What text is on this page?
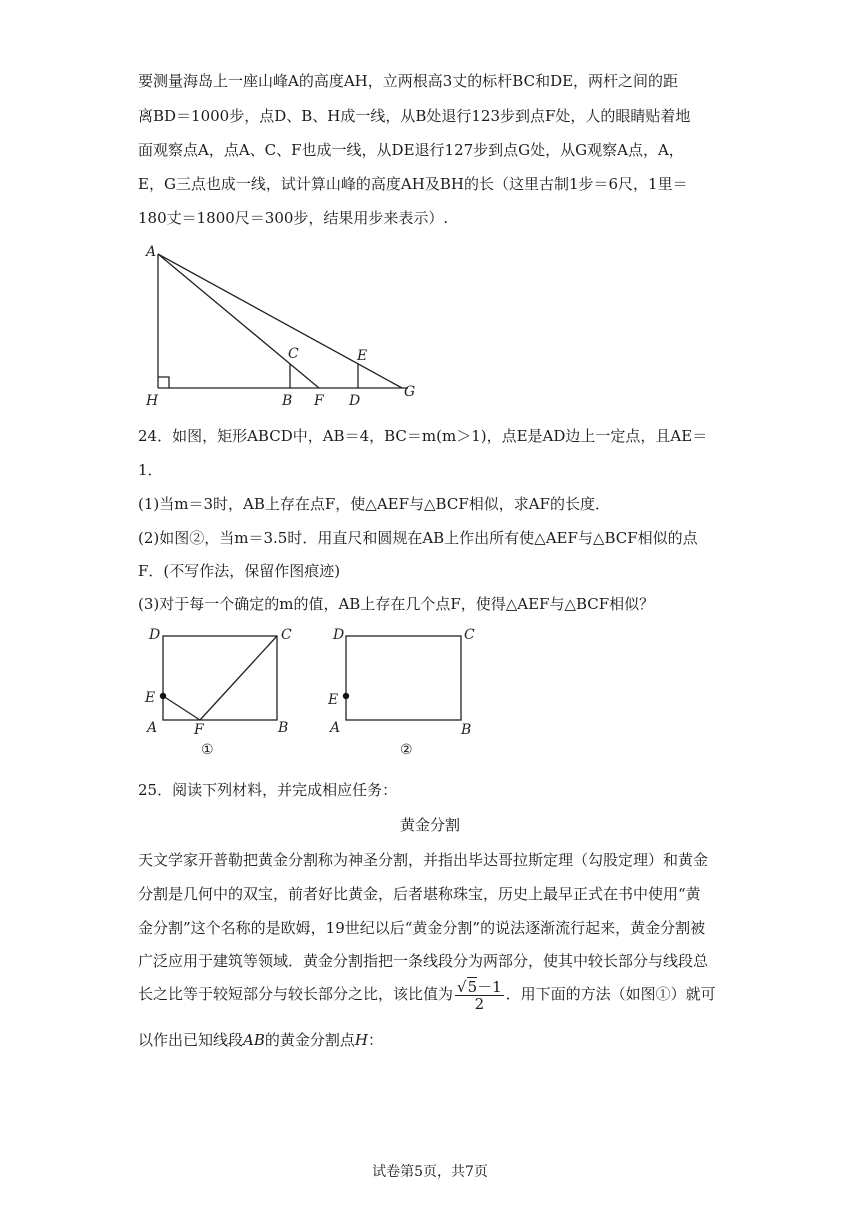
要测量海岛上一座山峰A的高度AH，立两根高3丈的标杆BC和DE，两杆之间的距
离BD＝1000步，点D、B、H成一线，从B处退行123步到点F处，人的眼睛贴着地
面观察点A，点A、C、F也成一线，从DE退行127步到点G处，从G观察A点，A，
E，G三点也成一线，试计算山峰的高度AH及BH的长（这里古制1步＝6尺，1里＝
180丈＝1800尺＝300步，结果用步来表示）.
A
H	B F
C	E
D
G
24．如图，矩形ABCD中，AB＝4，BC＝m(m＞1)，点E是AD边上一定点，且AE＝
1．
(1)当m＝3时，AB上存在点F，使△AEF与△BCF相似，求AF的长度．
(2)如图②，当m＝3.5时．用直尺和圆规在AB上作出所有使△AEF与△BCF相似的点
F．(不写作法，保留作图痕迹)
(3)对于每一个确定的m的值，AB上存在几个点F，使得△AEF与△BCF相似？
D	C
E
A	F	B
①
D	C
E
A	B
②
25．阅读下列材料，并完成相应任务：
黄金分割
天文学家开普勒把黄金分割称为神圣分割，并指出毕达哥拉斯定理（勾股定理）和黄金
分割是几何中的双宝，前者好比黄金，后者堪称珠宝，历史上最早正式在书中使用“黄
金分割”这个名称的是欧姆，19世纪以后“黄金分割”的说法逐渐流行起来，黄金分割被
广泛应用于建筑等领域．黄金分割指把一条线段分为两部分，使其中较长部分与线段总
长之比等于较短部分与较长部分之比，该比值为 $\frac{√5-1}{2}$ ．用下面的方法（如图①）就可
以作出已知线段AB的黄金分割点H：
试卷第5页，共7页
